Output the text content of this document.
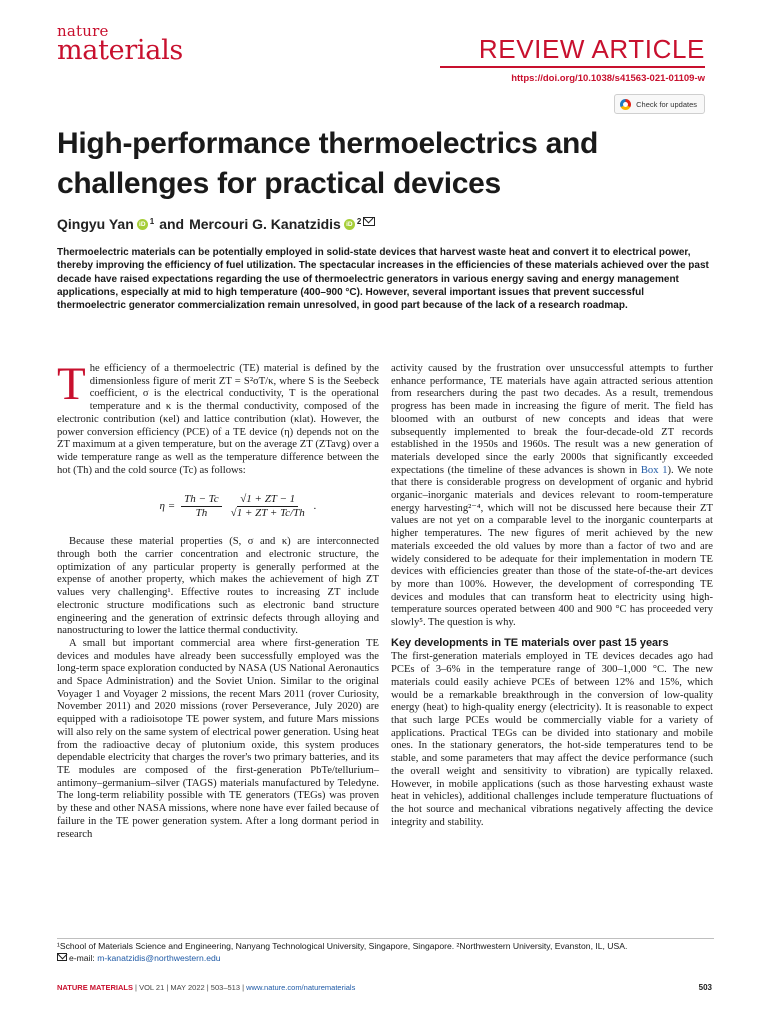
nature
materials	REVIEW ARTICLE
https://doi.org/10.1038/s41563-021-01109-w
Check for updates
High-performance thermoelectrics and challenges for practical devices
Qingyu Yan iD $^1$ and Mercouri G. Kanatzidis iD $^2$

Thermoelectric materials can be potentially employed in solid-state devices that harvest waste heat and convert it to electrical power, thereby improving the efficiency of fuel utilization. The spectacular increases in the efficiencies of these materials achieved over the past decade have raised expectations regarding the use of thermoelectric generators in various energy saving and energy management applications, especially at mid to high temperature (400–900 °C). However, several important issues that prevent successful thermoelectric generator commercialization remain unresolved, in good part because of the lack of a research roadmap.

The efficiency of a thermoelectric (TE) material is defined by the dimensionless figure of merit ZT = S²σT/κ, where S is the Seebeck coefficient, σ is the electrical conductivity, T is the operational temperature and κ is the thermal conductivity, composed of the electronic contribution (κel) and lattice contribution (κlat). However, the power conversion efficiency (PCE) of a TE device (η) depends not on the ZT maximum at a given temperature, but on the average ZT (ZTavg) over a wide temperature range as well as the temperature difference between the hot (Th) and the cold source (Tc) as follows:

$\eta = \frac{Th - Tc}{Th} \frac{√1 + ZT - 1}{√1 + ZT + Tc/Th}$ .

Because these material properties (S, σ and κ) are interconnected through both the carrier concentration and electronic structure, the optimization of any particular property is generally performed at the expense of another property, which makes the achievement of high ZT values very challenging¹. Effective routes to increasing ZT include electronic structure modifications such as electronic band structure engineering and the generation of extrinsic defects through alloying and nanostructuring to lower the lattice thermal conductivity.

A small but important commercial area where first-generation TE devices and modules have already been successfully employed was the long-term space exploration conducted by NASA (US National Aeronautics and Space Administration) and the Soviet Union. Similar to the original Voyager 1 and Voyager 2 missions, the recent Mars 2011 (rover Curiosity, November 2011) and 2020 missions (rover Perseverance, July 2020) are equipped with a radioisotope TE power system, and future Mars missions will also rely on the same system of electrical power generation. Using heat from the radioactive decay of plutonium oxide, this system produces dependable electricity that charges the rover's two primary batteries, and its TE modules are composed of the first-generation PbTe/tellurium–antimony–germanium–silver (TAGS) materials manufactured by Teledyne. The long-term reliability possible with TE generators (TEGs) was proven by these and other NASA missions, where none have ever failed because of failure in the TE power generation system. After a long dormant period in research

activity caused by the frustration over unsuccessful attempts to further enhance performance, TE materials have again attracted serious attention from researchers during the past two decades. As a result, tremendous progress has been made in increasing the figure of merit. The field has bloomed with an outburst of new concepts and ideas that were subsequently implemented to break the four-decade-old ZT records established in the 1950s and 1960s. The result was a new generation of materials developed since the early 2000s that significantly exceeded expectations (the timeline of these advances is shown in Box 1). We note that there is considerable progress on development of organic and hybrid organic–inorganic materials and devices relevant to room-temperature energy harvesting²⁻⁴, which will not be discussed here because their ZT values are not yet on a comparable level to the inorganic counterparts at higher temperatures. The new figures of merit achieved by the new materials exceeded the old values by more than a factor of two and are widely considered to be adequate for their implementation in modern TE devices with efficiencies greater than those of the state-of-the-art devices by more than 100%. However, the development of corresponding TE devices and modules that can transform heat to electricity using high-temperature sources operated between 400 and 900 °C has proceeded very slowly⁵. The question is why.

Key developments in TE materials over past 15 years

The first-generation materials employed in TE devices decades ago had PCEs of 3–6% in the temperature range of 300–1,000 °C. The new materials could easily achieve PCEs of between 12% and 15%, which would be a remarkable breakthrough in the conversion of low-quality energy (heat) to high-quality energy (electricity). It is reasonable to expect that such large PCEs would be commercially viable for a variety of applications. Practical TEGs can be divided into stationary and mobile ones. In the stationary generators, the hot-side temperatures tend to be stable, and some parameters that may affect the device performance (such the overall weight and sensitivity to vibration) are typically relaxed. However, in mobile applications (such as those harvesting exhaust waste heat in vehicles), additional challenges include temperature fluctuations of the hot source and mechanical vibrations negatively affecting the device integrity and stability.

¹School of Materials Science and Engineering, Nanyang Technological University, Singapore, Singapore. ²Northwestern University, Evanston, IL, USA.
e-mail: m-kanatzidis@northwestern.edu
NATURE MATERIALS | VOL 21 | MAY 2022 | 503–513 | www.nature.com/naturematerials	503
